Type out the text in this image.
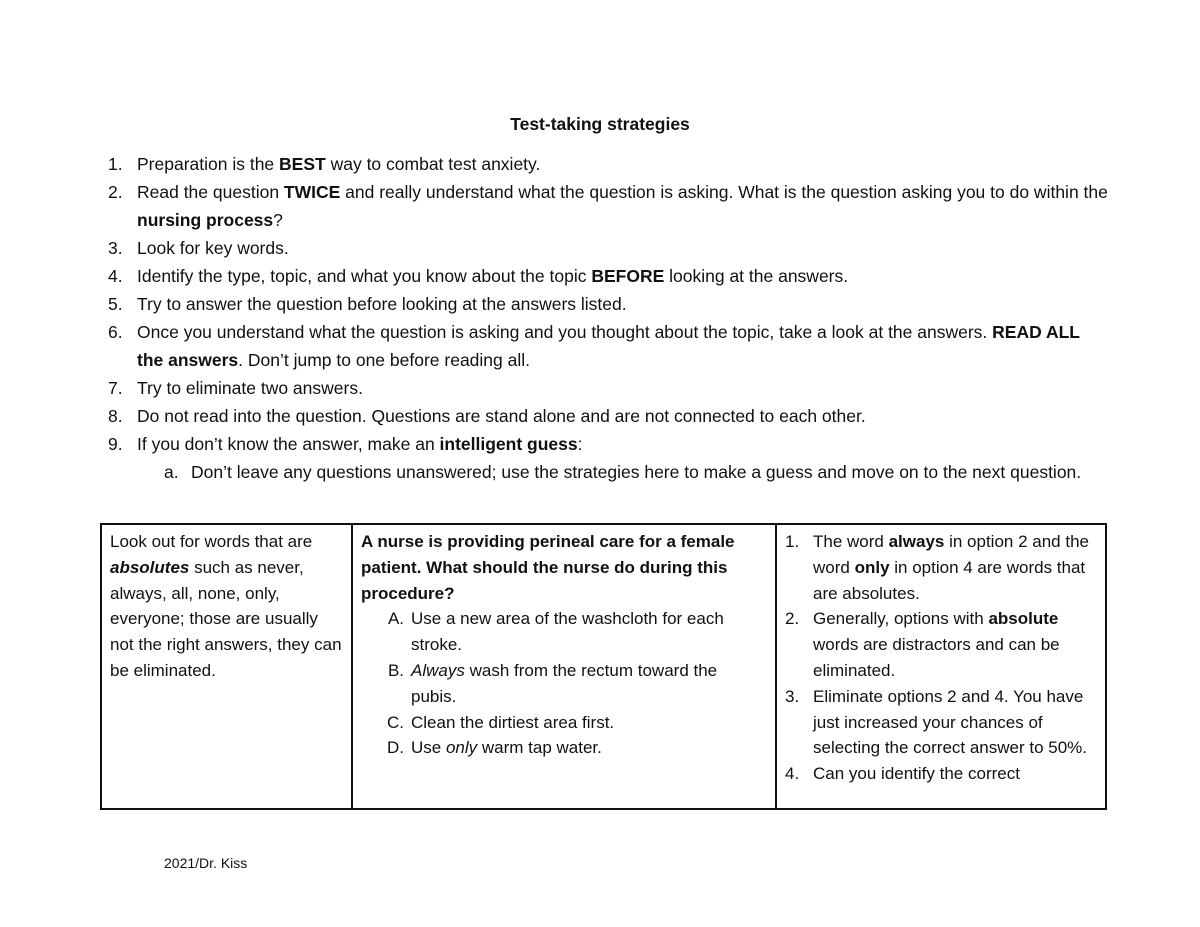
Test-taking strategies
1. Preparation is the BEST way to combat test anxiety.
2. Read the question TWICE and really understand what the question is asking. What is the question asking you to do within the nursing process?
3. Look for key words.
4. Identify the type, topic, and what you know about the topic BEFORE looking at the answers.
5. Try to answer the question before looking at the answers listed.
6. Once you understand what the question is asking and you thought about the topic, take a look at the answers. READ ALL the answers. Don’t jump to one before reading all.
7. Try to eliminate two answers.
8. Do not read into the question. Questions are stand alone and are not connected to each other.
9. If you don’t know the answer, make an intelligent guess:
a. Don’t leave any questions unanswered; use the strategies here to make a guess and move on to the next question.
Look out for words that are absolutes such as never, always, all, none, only, everyone; those are usually not the right answers, they can be eliminated.	
A nurse is providing perineal care for a female patient. What should the nurse do during this procedure?
A. Use a new area of the washcloth for each stroke.
B. Always wash from the rectum toward the pubis.
C. Clean the dirtiest area first.
D. Use only warm tap water.

1. The word always in option 2 and the word only in option 4 are words that are absolutes.
2. Generally, options with absolute words are distractors and can be eliminated.
3. Eliminate options 2 and 4. You have just increased your chances of selecting the correct answer to 50%.
4. Can you identify the correct
2021/Dr. Kiss
